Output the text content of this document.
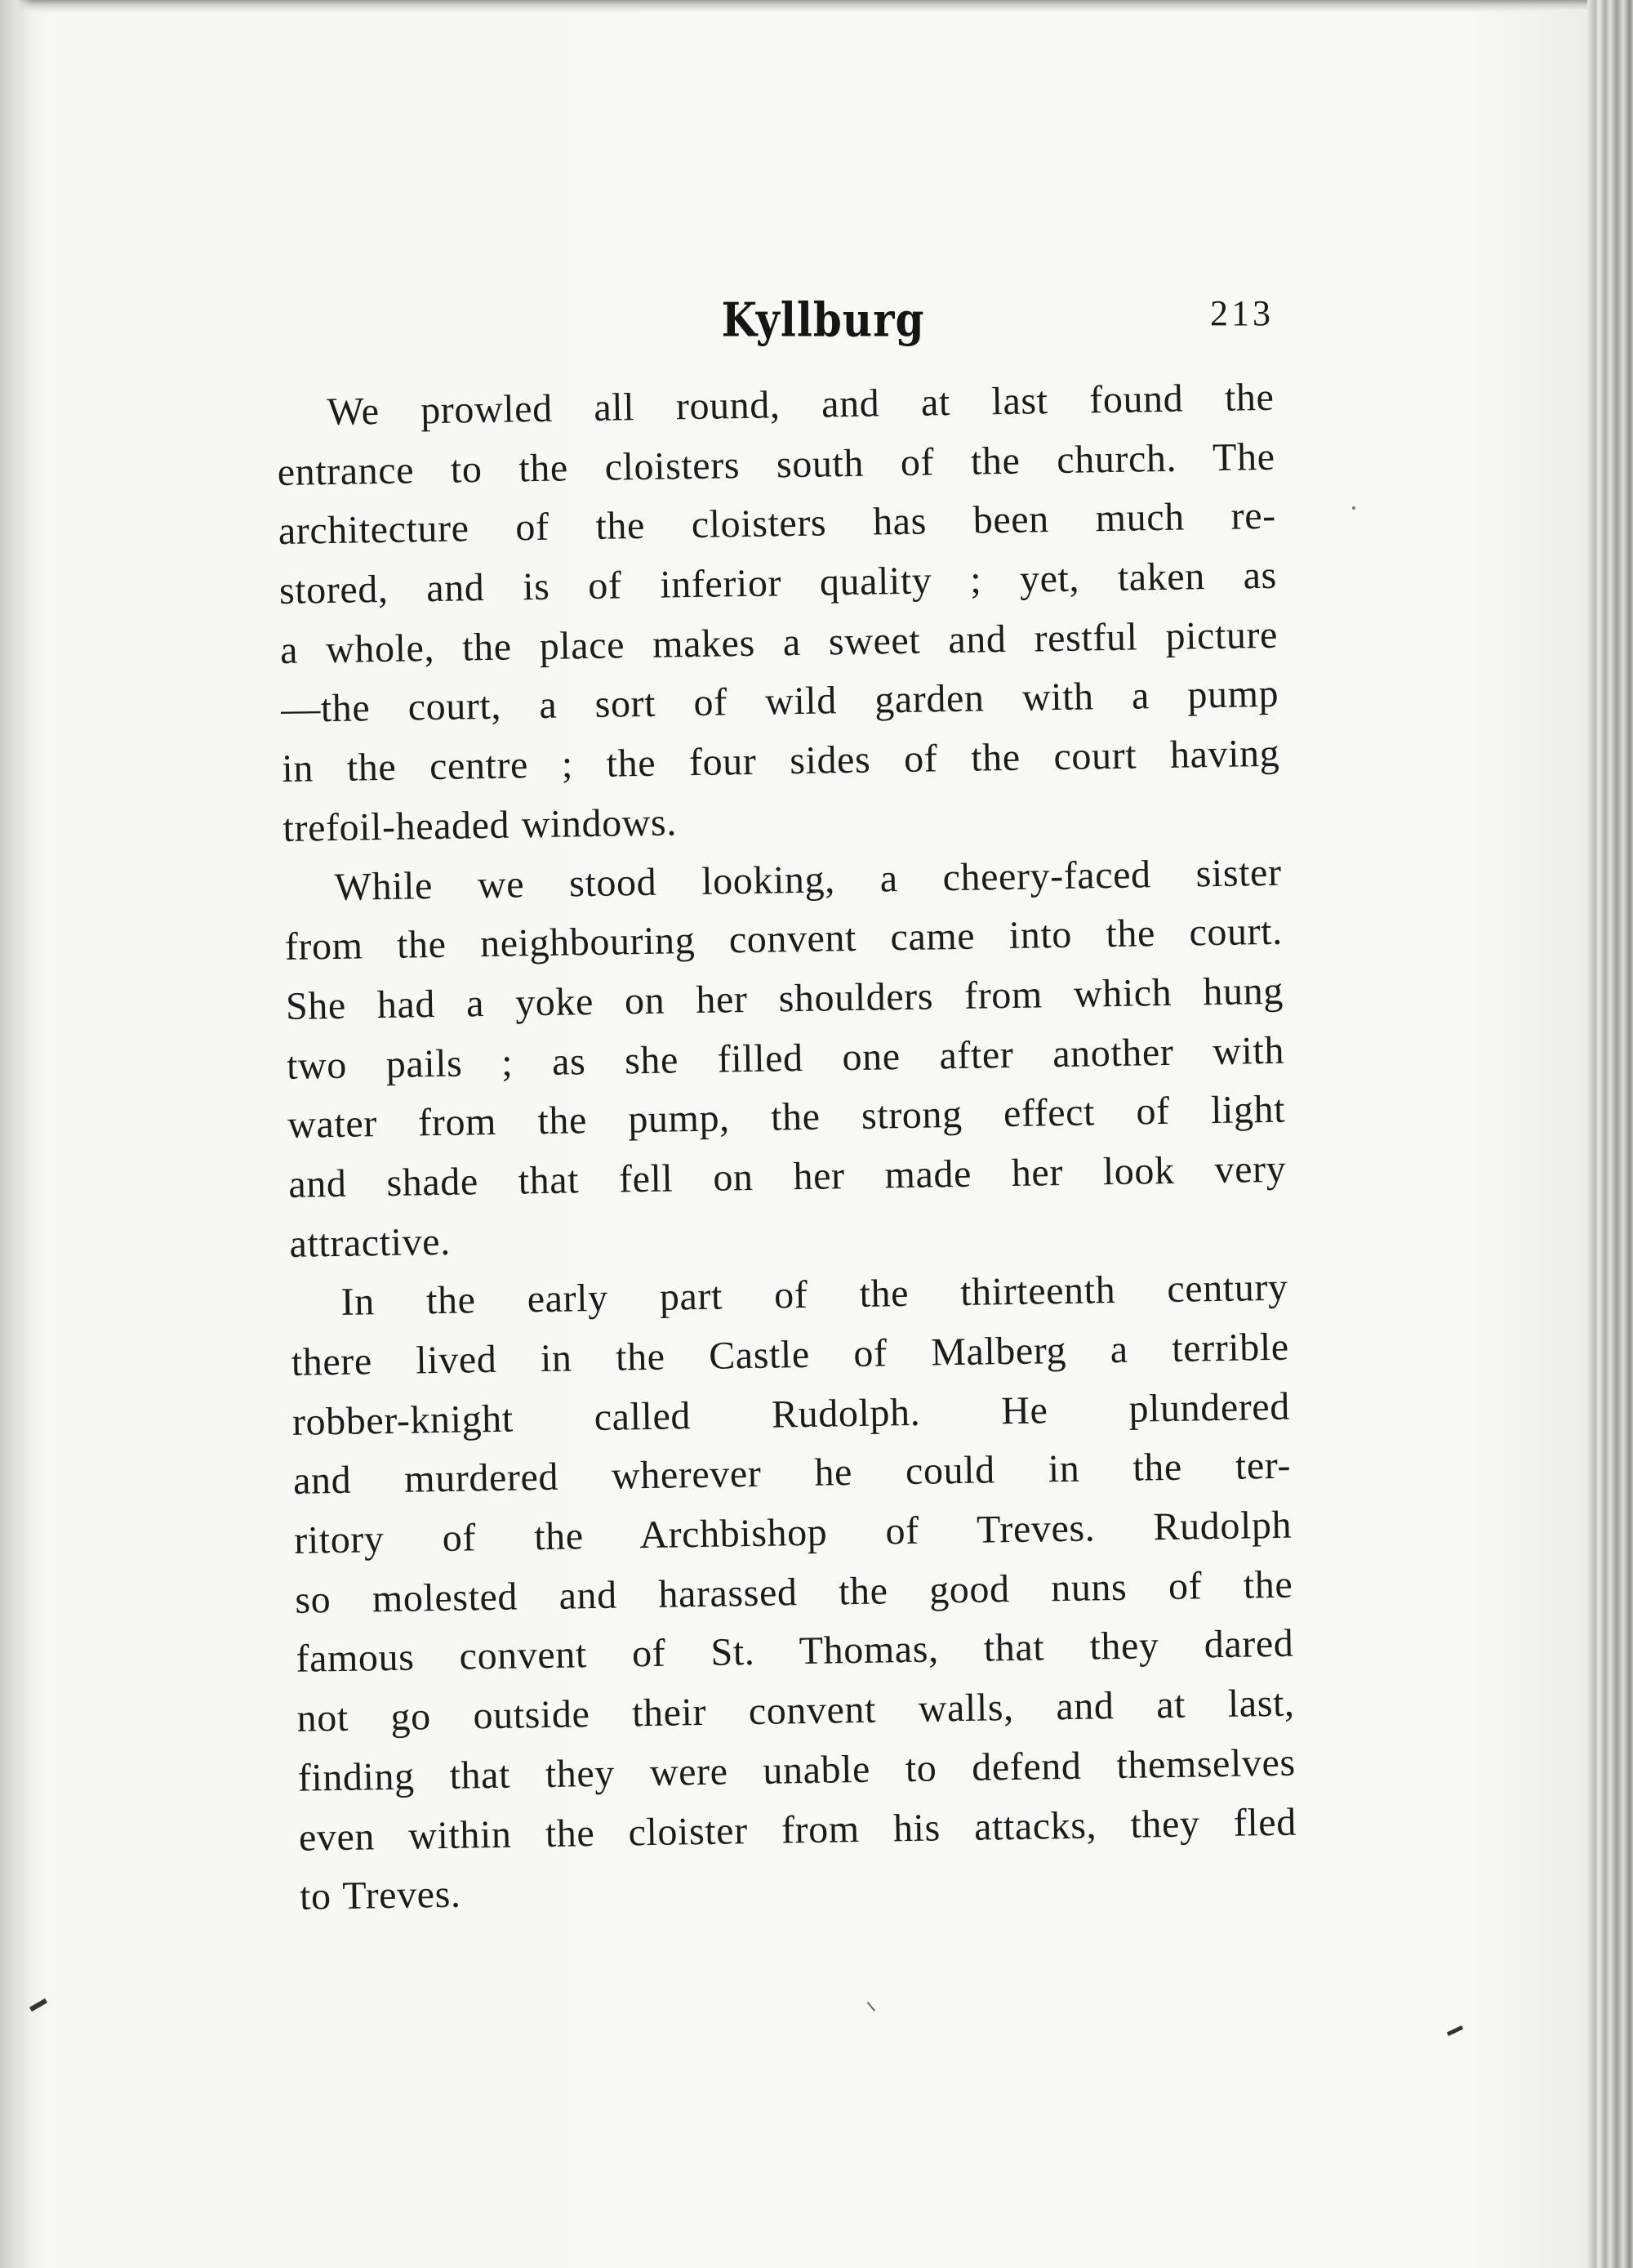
Kyllburg	213
We prowled all round, and at last found the
entrance to the cloisters south of the church. The
architecture of the cloisters has been much re-
stored, and is of inferior quality ; yet, taken as
a whole, the place makes a sweet and restful picture
—the court, a sort of wild garden with a pump
in the centre ; the four sides of the court having
trefoil-headed windows.
While we stood looking, a cheery-faced sister
from the neighbouring convent came into the court.
She had a yoke on her shoulders from which hung
two pails ; as she filled one after another with
water from the pump, the strong effect of light
and shade that fell on her made her look very
attractive.
In the early part of the thirteenth century
there lived in the Castle of Malberg a terrible
robber-knight called Rudolph. He plundered
and murdered wherever he could in the ter-
ritory of the Archbishop of Treves. Rudolph
so molested and harassed the good nuns of the
famous convent of St. Thomas, that they dared
not go outside their convent walls, and at last,
finding that they were unable to defend themselves
even within the cloister from his attacks, they fled
to Treves.
